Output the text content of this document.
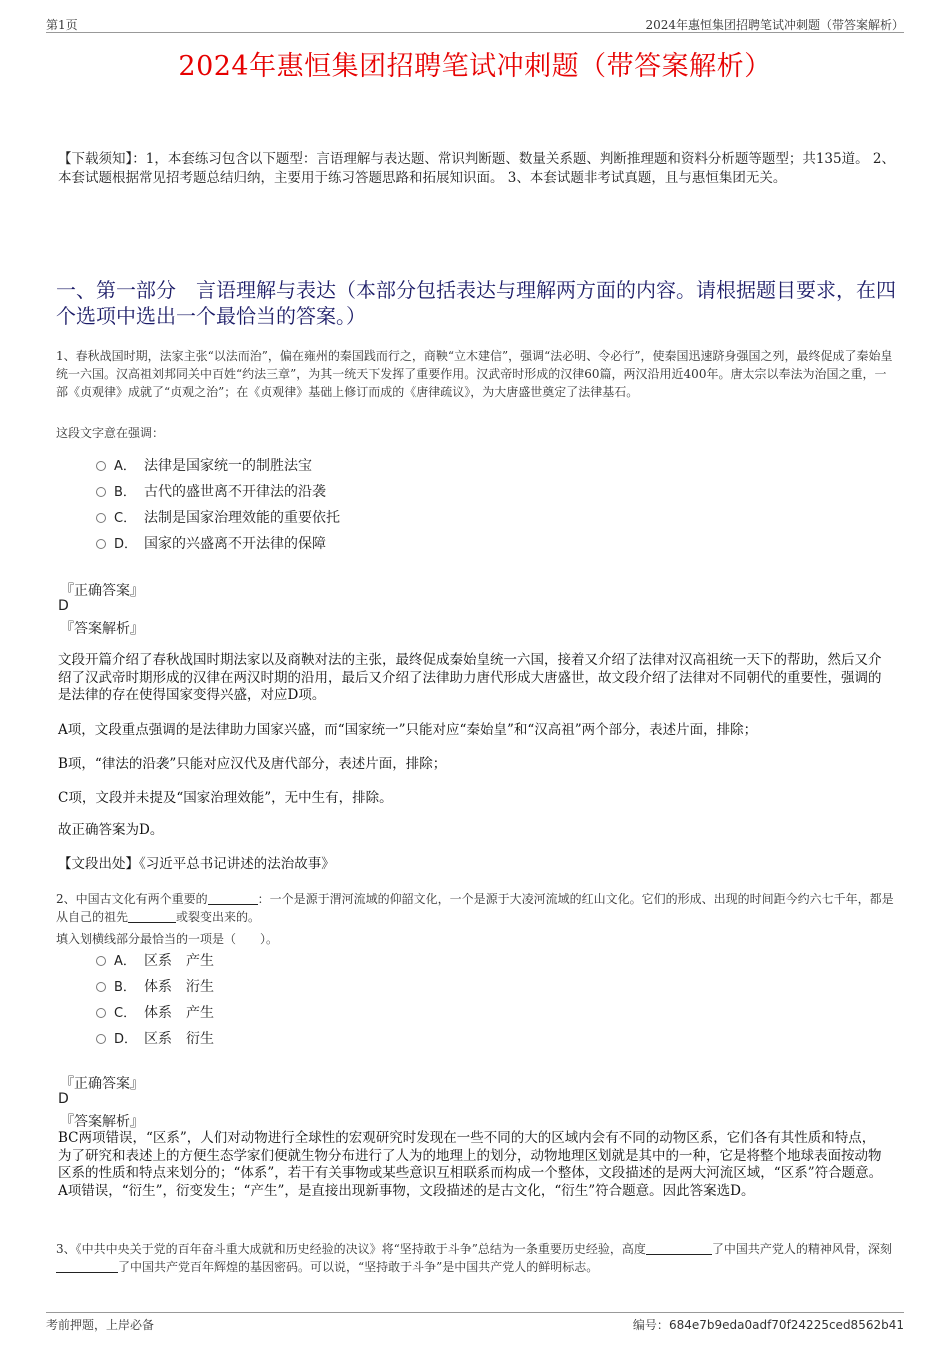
第1页	2024年惠恒集团招聘笔试冲刺题（带答案解析）
2024年惠恒集团招聘笔试冲刺题（带答案解析）
【下载须知】：1，本套练习包含以下题型：言语理解与表达题、常识判断题、数量关系题、判断推理题和资料分析题等题型；共135道。 2、本套试题根据常见招考题总结归纳，主要用于练习答题思路和拓展知识面。 3、本套试题非考试真题，且与惠恒集团无关。
一、第一部分　言语理解与表达（本部分包括表达与理解两方面的内容。请根据题目要求，在四个选项中选出一个最恰当的答案。）
1、春秋战国时期，法家主张“以法而治”，偏在雍州的秦国践而行之，商鞅“立木建信”，强调“法必明、令必行”，使秦国迅速跻身强国之列，最终促成了秦始皇统一六国。汉高祖刘邦同关中百姓“约法三章”，为其一统天下发挥了重要作用。汉武帝时形成的汉律60篇，两汉沿用近400年。唐太宗以奉法为治国之重，一部《贞观律》成就了“贞观之治”；在《贞观律》基础上修订而成的《唐律疏议》，为大唐盛世奠定了法律基石。
这段文字意在强调：
A． 法律是国家统一的制胜法宝
B． 古代的盛世离不开律法的沿袭
C． 法制是国家治理效能的重要依托
D． 国家的兴盛离不开法律的保障
『正确答案』
D
『答案解析』
文段开篇介绍了春秋战国时期法家以及商鞅对法的主张，最终促成秦始皇统一六国，接着又介绍了法律对汉高祖统一天下的帮助，然后又介绍了汉武帝时期形成的汉律在两汉时期的沿用，最后又介绍了法律助力唐代形成大唐盛世，故文段介绍了法律对不同朝代的重要性，强调的是法律的存在使得国家变得兴盛，对应D项。
A项，文段重点强调的是法律助力国家兴盛，而“国家统一”只能对应“秦始皇”和“汉高祖”两个部分，表述片面，排除；
B项，“律法的沿袭”只能对应汉代及唐代部分，表述片面，排除；
C项，文段并未提及“国家治理效能”，无中生有，排除。
故正确答案为D。
【文段出处】《习近平总书记讲述的法治故事》
2、中国古文化有两个重要的	：一个是源于渭河流域的仰韶文化，一个是源于大凌河流域的红山文化。它们的形成、出现的时间距今约六七千年，都是从自己的祖先	或裂变出来的。
填入划横线部分最恰当的一项是（　　）。
A． 区系　产生
B． 体系　洐生
C． 体系　产生
D． 区系　衍生
『正确答案』
D
『答案解析』
BC两项错误，“区系”，人们对动物进行全球性的宏观研究时发现在一些不同的大的区域内会有不同的动物区系，它们各有其性质和特点，为了研究和表述上的方便生态学家们便就生物分布进行了人为的地理上的划分，动物地理区划就是其中的一种，它是将整个地球表面按动物区系的性质和特点来划分的；“体系”，若干有关事物或某些意识互相联系而构成一个整体，文段描述的是两大河流区域，“区系”符合题意。A项错误，“衍生”，衍变发生；“产生”，是直接出现新事物，文段描述的是古文化，“衍生”符合题意。因此答案选D。
3、《中共中央关于党的百年奋斗重大成就和历史经验的决议》将“坚持敢于斗争”总结为一条重要历史经验，高度	了中国共产党人的精神风骨，深刻了中国共产党百年辉煌的基因密码。可以说，“坚持敢于斗争”是中国共产党人的鲜明标志。
考前押题，上岸必备	编号：684e7b9eda0adf70f24225ced8562b41
